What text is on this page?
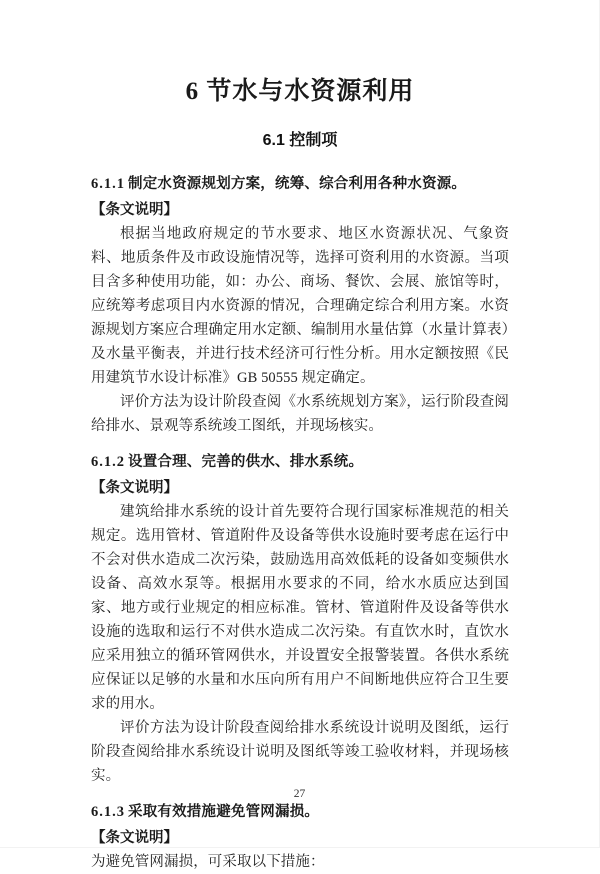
6 节水与水资源利用
6.1 控制项

6.1.1 制定水资源规划方案，统筹、综合利用各种水资源。

【条文说明】

根据当地政府规定的节水要求、地区水资源状况、气象资料、地质条件及市政设施情况等，选择可资利用的水资源。当项目含多种使用功能，如：办公、商场、餐饮、会展、旅馆等时，应统筹考虑项目内水资源的情况，合理确定综合利用方案。水资源规划方案应合理确定用水定额、编制用水量估算（水量计算表）及水量平衡表，并进行技术经济可行性分析。用水定额按照《民用建筑节水设计标准》GB 50555 规定确定。

评价方法为设计阶段查阅《水系统规划方案》，运行阶段查阅给排水、景观等系统竣工图纸，并现场核实。

6.1.2 设置合理、完善的供水、排水系统。

【条文说明】

建筑给排水系统的设计首先要符合现行国家标准规范的相关规定。选用管材、管道附件及设备等供水设施时要考虑在运行中不会对供水造成二次污染，鼓励选用高效低耗的设备如变频供水设备、高效水泵等。根据用水要求的不同，给水水质应达到国家、地方或行业规定的相应标准。管材、管道附件及设备等供水设施的选取和运行不对供水造成二次污染。有直饮水时，直饮水应采用独立的循环管网供水，并设置安全报警装置。各供水系统应保证以足够的水量和水压向所有用户不间断地供应符合卫生要求的用水。

评价方法为设计阶段查阅给排水系统设计说明及图纸，运行阶段查阅给排水系统设计说明及图纸等竣工验收材料，并现场核实。

6.1.3 采取有效措施避免管网漏损。

【条文说明】

为避免管网漏损，可采取以下措施：

27
